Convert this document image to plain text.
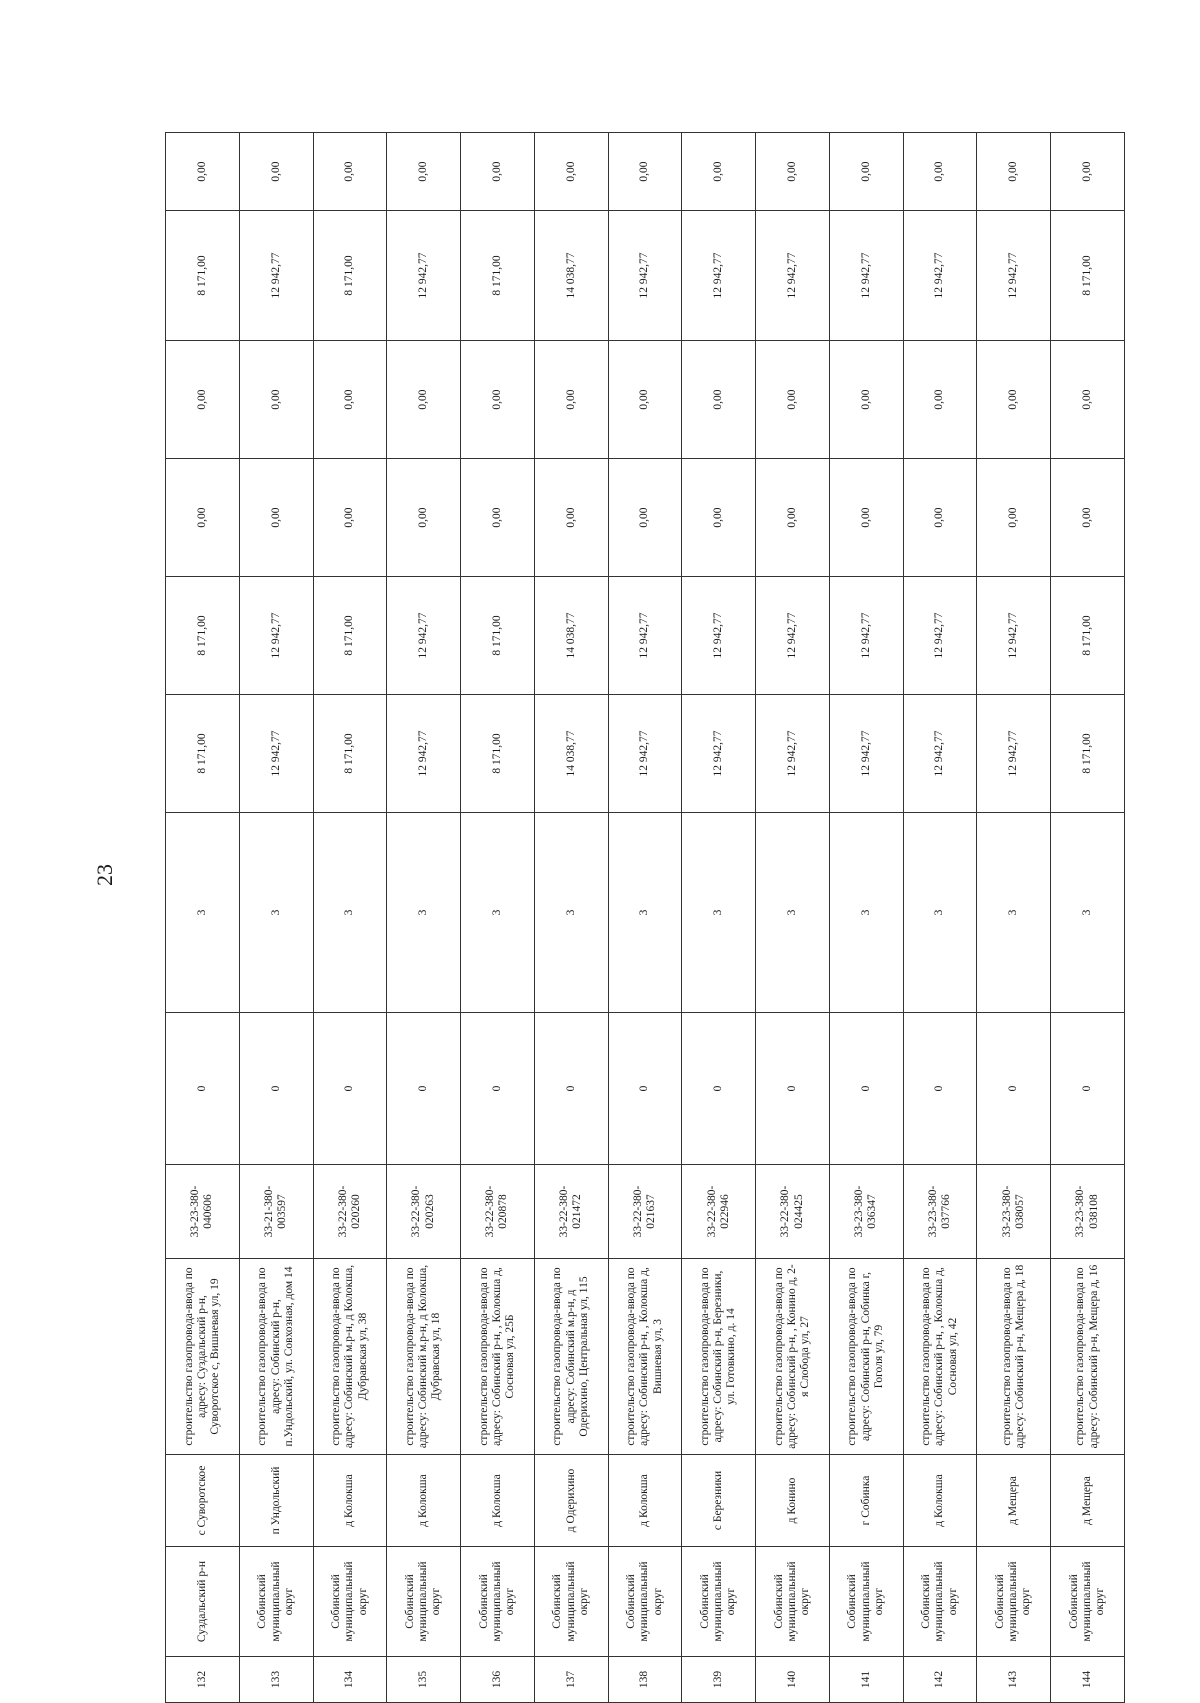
23
132	Суздальский р-н	с Суворотское	строительство газопровода-ввода по адресу: Суздальский р-н, Суворотское с, Вишневая ул, 19	33-23-380-040606	0	3	8 171,00	8 171,00	0,00	0,00	8 171,00	0,00
133	Собинский муниципальный округ	п Ундольский	строительство газопровода-ввода по адресу: Собинский р-н, п.Ундольский, ул. Совхозная, дом 14	33-21-380-003597	0	3	12 942,77	12 942,77	0,00	0,00	12 942,77	0,00
134	Собинский муниципальный округ	д Колокша	строительство газопровода-ввода по адресу: Собинский м.р-н, д Колокша, Дубравская ул, 38	33-22-380-020260	0	3	8 171,00	8 171,00	0,00	0,00	8 171,00	0,00
135	Собинский муниципальный округ	д Колокша	строительство газопровода-ввода по адресу: Собинский м.р-н, д Колокша, Дубравская ул, 18	33-22-380-020263	0	3	12 942,77	12 942,77	0,00	0,00	12 942,77	0,00
136	Собинский муниципальный округ	д Колокша	строительство газопровода-ввода по адресу: Собинский р-н, , Колокша д, Сосновая ул, 25Б	33-22-380-020878	0	3	8 171,00	8 171,00	0,00	0,00	8 171,00	0,00
137	Собинский муниципальный округ	д Одерихино	строительство газопровода-ввода по адресу: Собинский м.р-н, д Одерихино, Центральная ул, 115	33-22-380-021472	0	3	14 038,77	14 038,77	0,00	0,00	14 038,77	0,00
138	Собинский муниципальный округ	д Колокша	строительство газопровода-ввода по адресу: Собинский р-н, , Колокша д, Вишневая ул, 3	33-22-380-021637	0	3	12 942,77	12 942,77	0,00	0,00	12 942,77	0,00
139	Собинский муниципальный округ	с Березники	строительство газопровода-ввода по адресу: Собинский р-н, Березники, ул. Готовкино, д. 14	33-22-380-022946	0	3	12 942,77	12 942,77	0,00	0,00	12 942,77	0,00
140	Собинский муниципальный округ	д Конино	строительство газопровода-ввода по адресу: Собинский р-н, , Конино д, 2-я Слобода ул, 27	33-22-380-024425	0	3	12 942,77	12 942,77	0,00	0,00	12 942,77	0,00
141	Собинский муниципальный округ	г Собинка	строительство газопровода-ввода по адресу: Собинский р-н, Собинка г, Гоголя ул, 79	33-23-380-036347	0	3	12 942,77	12 942,77	0,00	0,00	12 942,77	0,00
142	Собинский муниципальный округ	д Колокша	строительство газопровода-ввода по адресу: Собинский р-н, , Колокша д, Сосновая ул, 42	33-23-380-037766	0	3	12 942,77	12 942,77	0,00	0,00	12 942,77	0,00
143	Собинский муниципальный округ	д Мещера	строительство газопровода-ввода по адресу: Собинский р-н, Мещера д, 18	33-23-380-038057	0	3	12 942,77	12 942,77	0,00	0,00	12 942,77	0,00
144	Собинский муниципальный округ	д Мещера	строительство газопровода-ввода по адресу: Собинский р-н, Мещера д, 16	33-23-380-038108	0	3	8 171,00	8 171,00	0,00	0,00	8 171,00	0,00
